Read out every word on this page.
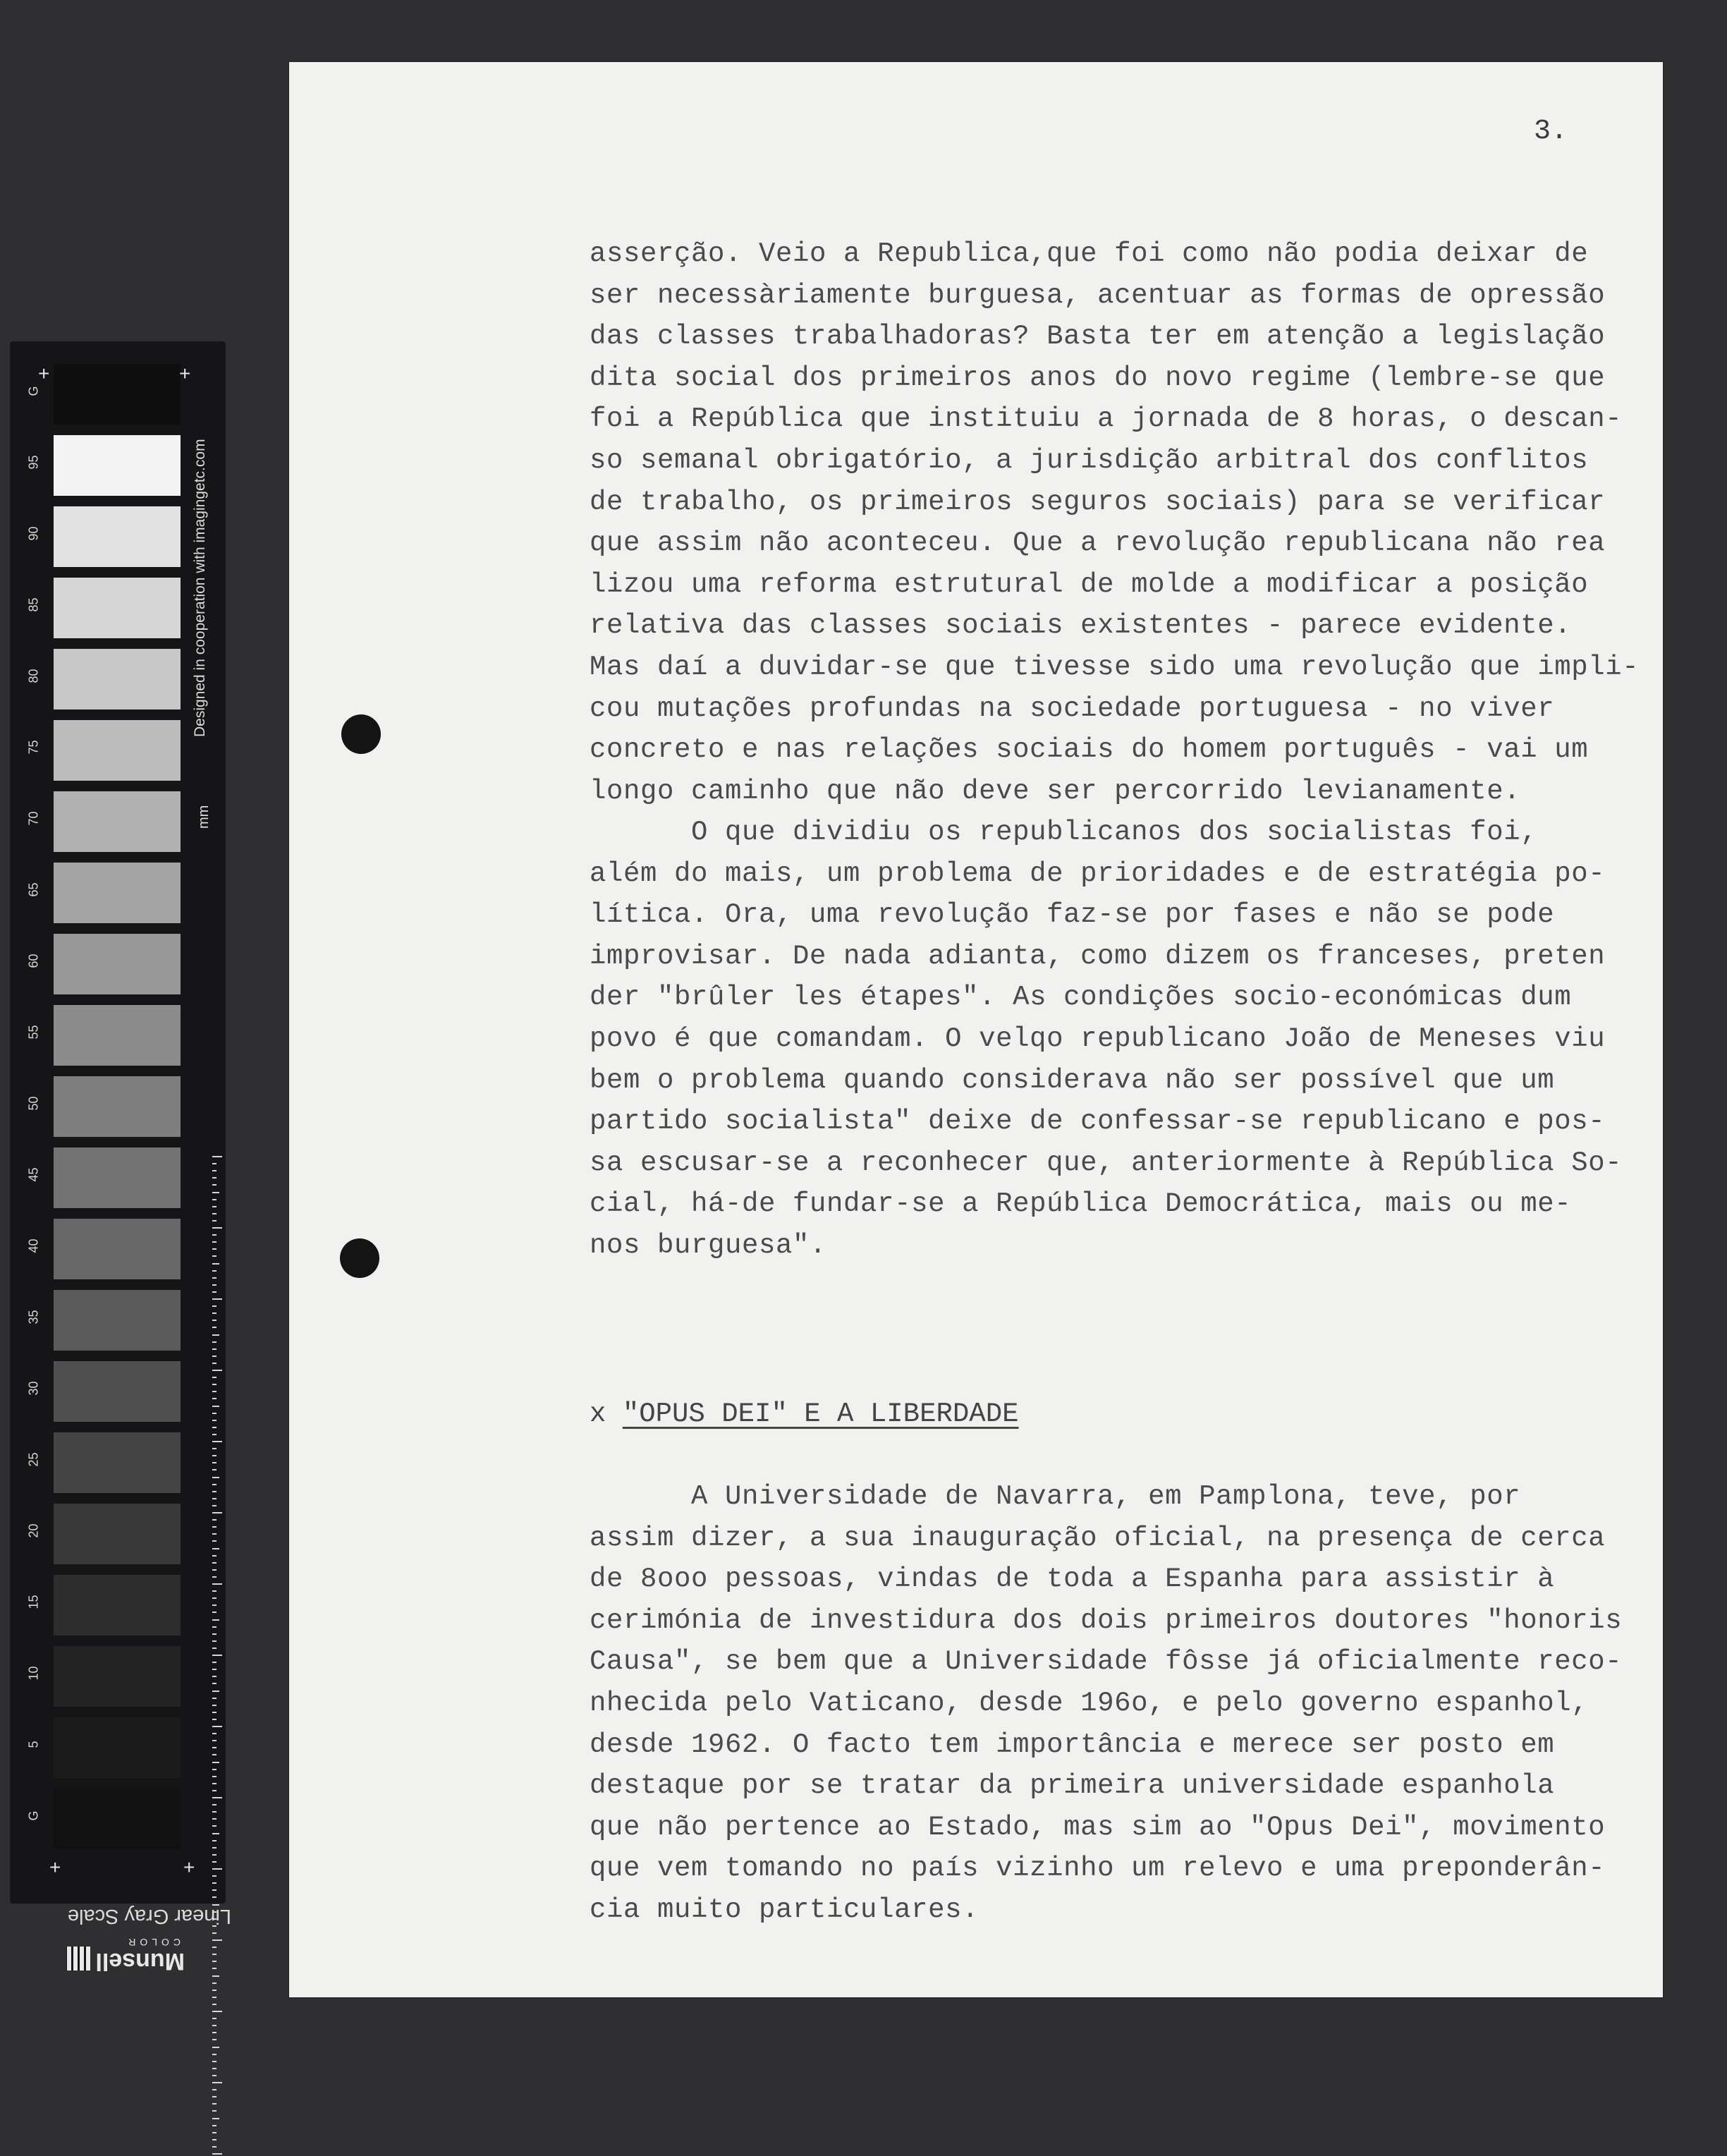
G
95
90
85
80
75
70
65
60
55
50
45
40
35
30
25
20
15
10
5
G
+	+
+	+
Designed in cooperation with imagingetc.com
mm
Linear Gray Scale
Munsell
COLOR
3.
asserção. Veio a Republica,que foi como não podia deixar de
ser necessàriamente burguesa, acentuar as formas de opressão
das classes trabalhadoras? Basta ter em atenção a legislação
dita social dos primeiros anos do novo regime (lembre-se que
foi a República que instituiu a jornada de 8 horas, o descan-
so semanal obrigatório, a jurisdição arbitral dos conflitos
de trabalho, os primeiros seguros sociais) para se verificar
que assim não aconteceu. Que a revolução republicana não rea
lizou uma reforma estrutural de molde a modificar a posição
relativa das classes sociais existentes - parece evidente.
Mas daí a duvidar-se que tivesse sido uma revolução que impli-
cou mutações profundas na sociedade portuguesa - no viver
concreto e nas relações sociais do homem português - vai um
longo caminho que não deve ser percorrido levianamente.
O que dividiu os republicanos dos socialistas foi,
além do mais, um problema de prioridades e de estratégia po-
lítica. Ora, uma revolução faz-se por fases e não se pode
improvisar. De nada adianta, como dizem os franceses, preten
der "brûler les étapes". As condições socio-económicas dum
povo é que comandam. O velqo republicano João de Meneses viu
bem o problema quando considerava não ser possível que um
partido socialista" deixe de confessar-se republicano e pos-
sa escusar-se a reconhecer que, anteriormente à República So-
cial, há-de fundar-se a República Democrática, mais ou me-
nos burguesa".
A Universidade de Navarra, em Pamplona, teve, por
assim dizer, a sua inauguração oficial, na presença de cerca
de 8ooo pessoas, vindas de toda a Espanha para assistir à
cerimónia de investidura dos dois primeiros doutores "honoris
Causa", se bem que a Universidade fôsse já oficialmente reco-
nhecida pelo Vaticano, desde 196o, e pelo governo espanhol,
desde 1962. O facto tem importância e merece ser posto em
destaque por se tratar da primeira universidade espanhola
que não pertence ao Estado, mas sim ao "Opus Dei", movimento
que vem tomando no país vizinho um relevo e uma preponderân-
cia muito particulares.
x "OPUS DEI" E A LIBERDADE
